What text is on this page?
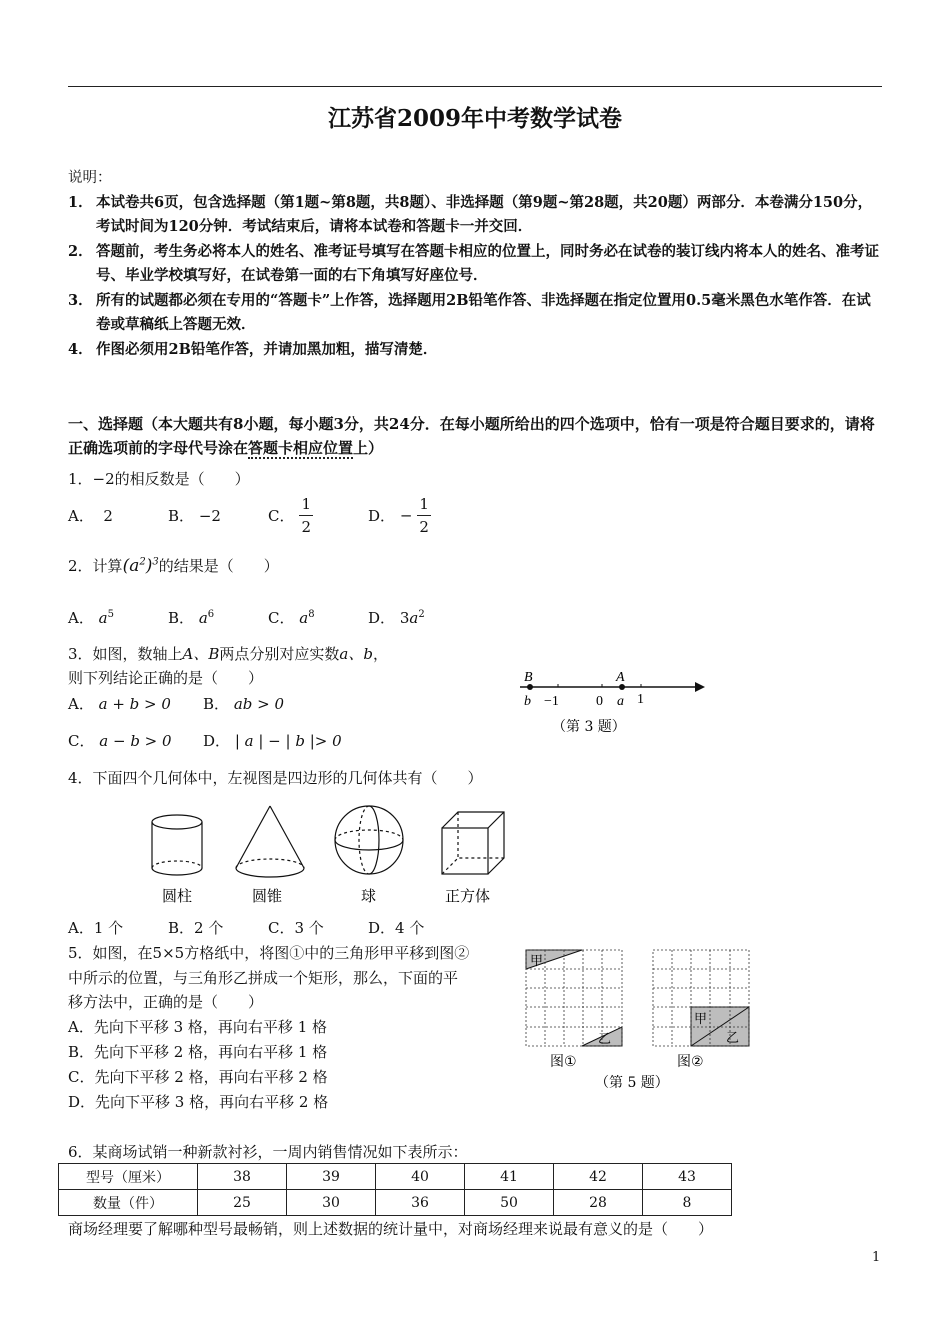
江苏省2009年中考数学试卷
说明：
1． 本试卷共6页，包含选择题（第1题~第8题，共8题）、非选择题（第9题~第28题，共20题）两部分．本卷满分150分，考试时间为120分钟．考试结束后，请将本试卷和答题卡一并交回．
2． 答题前，考生务必将本人的姓名、准考证号填写在答题卡相应的位置上，同时务必在试卷的装订线内将本人的姓名、准考证号、毕业学校填写好，在试卷第一面的右下角填写好座位号．
3． 所有的试题都必须在专用的“答题卡”上作答，选择题用2B铅笔作答、非选择题在指定位置用0.5毫米黑色水笔作答．在试卷或草稿纸上答题无效．
4． 作图必须用2B铅笔作答，并请加黑加粗，描写清楚．
一、选择题（本大题共有8小题，每小题3分，共24分．在每小题所给出的四个选项中，恰有一项是符合题目要求的，请将正确选项前的字母代号涂在答题卡相应位置上）
1．−2的相反数是（　　）
A． 2	B． −2	C． $\frac{1}{2}$	D． − $\frac{1}{2}$
2．计算$(a^2)^3$的结果是（　　）
A． $a^5$	B． $a^6$	C． $a^8$	D． $3a^2$
3．如图，数轴上A、B两点分别对应实数a、b，
则下列结论正确的是（　　）
A． a + b > 0 B． ab > 0
C． a − b > 0 D． | a | − | b |> 0
B	A
b −1	0 a 1
（第 3 题）
4．下面四个几何体中，左视图是四边形的几何体共有（　　）
圆柱	圆锥	球	正方体
A．1 个	B．2 个	C．3 个	D．4 个
5．如图，在5×5方格纸中，将图①中的三角形甲平移到图②
中所示的位置，与三角形乙拼成一个矩形，那么，下面的平
移方法中，正确的是（　　）
A．先向下平移 3 格，再向右平移 1 格
B．先向下平移 2 格，再向右平移 1 格
C．先向下平移 2 格，再向右平移 2 格
D．先向下平移 3 格，再向右平移 2 格
甲
乙
甲
乙
图①	图②
（第 5 题）
6．某商场试销一种新款衬衫，一周内销售情况如下表所示：
型号（厘米）	38	39	40	41	42	43
数量（件）	25	30	36	50	28	8
商场经理要了解哪种型号最畅销，则上述数据的统计量中，对商场经理来说最有意义的是（　　）
1
